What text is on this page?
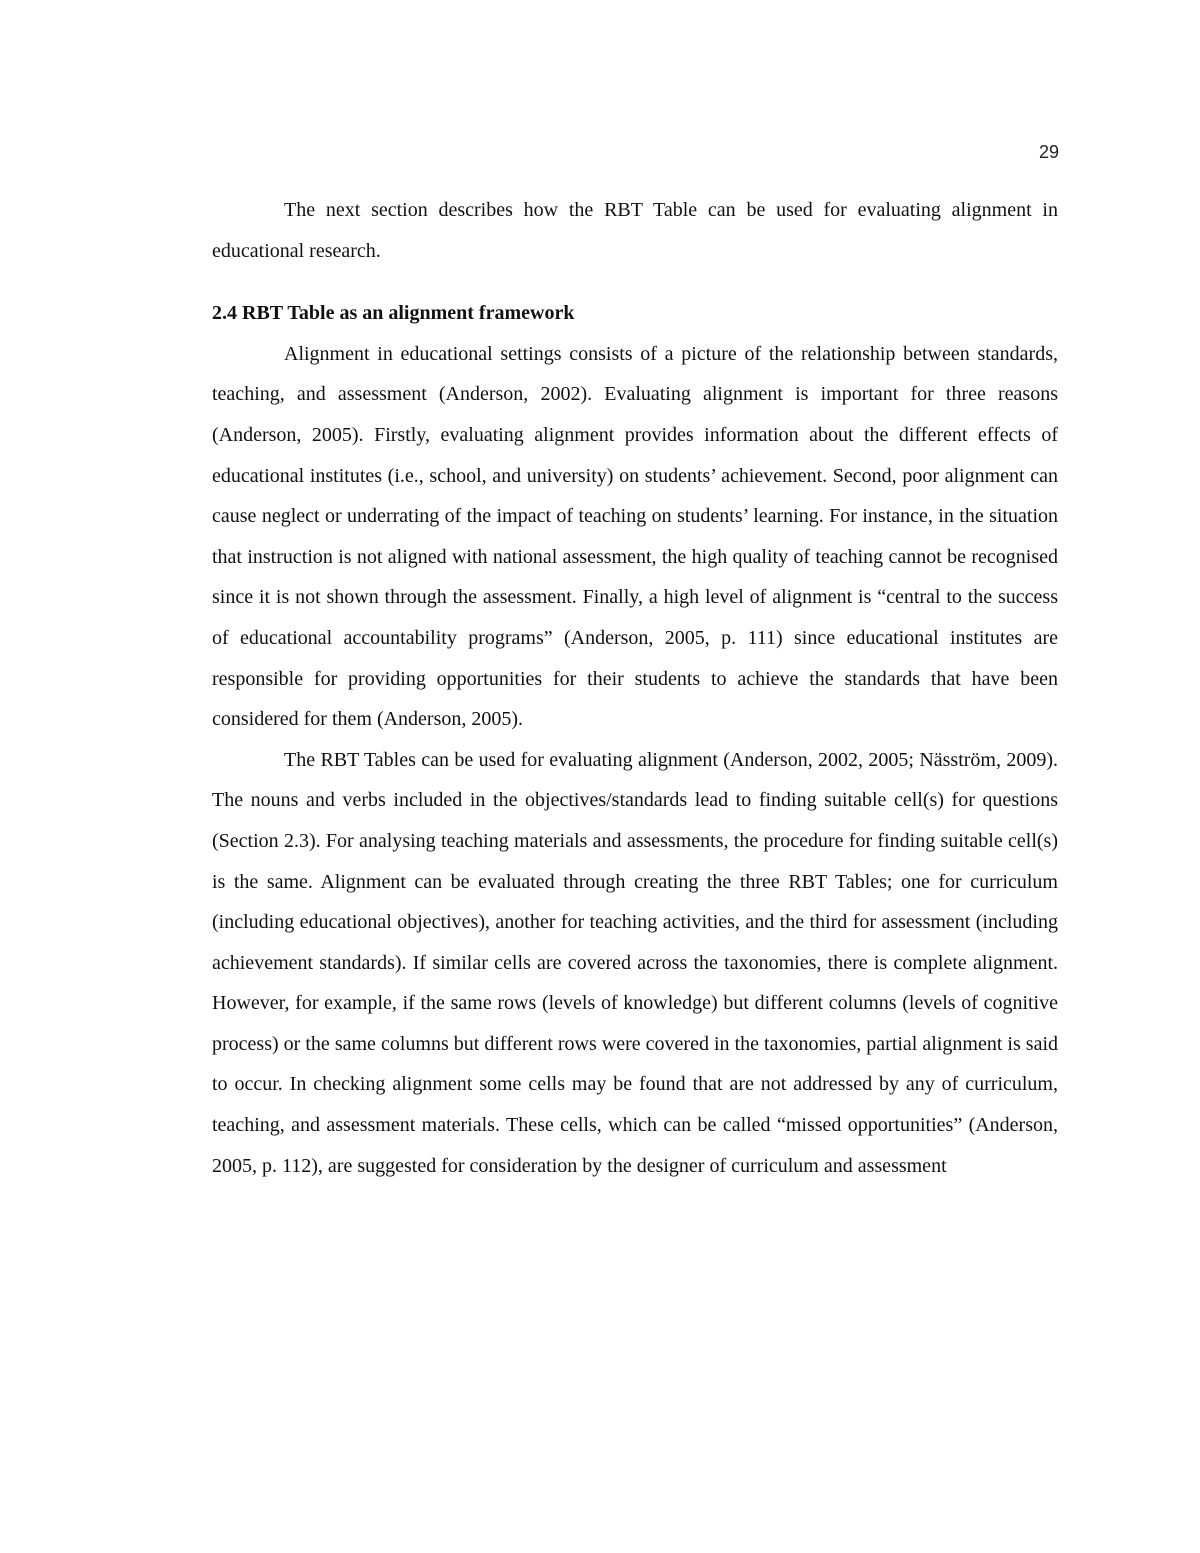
29

The next section describes how the RBT Table can be used for evaluating alignment in educational research.

2.4 RBT Table as an alignment framework

Alignment in educational settings consists of a picture of the relationship between standards, teaching, and assessment (Anderson, 2002). Evaluating alignment is important for three reasons (Anderson, 2005). Firstly, evaluating alignment provides information about the different effects of educational institutes (i.e., school, and university) on students’ achievement. Second, poor alignment can cause neglect or underrating of the impact of teaching on students’ learning. For instance, in the situation that instruction is not aligned with national assessment, the high quality of teaching cannot be recognised since it is not shown through the assessment. Finally, a high level of alignment is “central to the success of educational accountability programs” (Anderson, 2005, p. 111) since educational institutes are responsible for providing opportunities for their students to achieve the standards that have been considered for them (Anderson, 2005).

The RBT Tables can be used for evaluating alignment (Anderson, 2002, 2005; Näsström, 2009). The nouns and verbs included in the objectives/standards lead to finding suitable cell(s) for questions (Section 2.3). For analysing teaching materials and assessments, the procedure for finding suitable cell(s) is the same. Alignment can be evaluated through creating the three RBT Tables; one for curriculum (including educational objectives), another for teaching activities, and the third for assessment (including achievement standards). If similar cells are covered across the taxonomies, there is complete alignment. However, for example, if the same rows (levels of knowledge) but different columns (levels of cognitive process) or the same columns but different rows were covered in the taxonomies, partial alignment is said to occur. In checking alignment some cells may be found that are not addressed by any of curriculum, teaching, and assessment materials. These cells, which can be called “missed opportunities” (Anderson, 2005, p. 112), are suggested for consideration by the designer of curriculum and assessment
